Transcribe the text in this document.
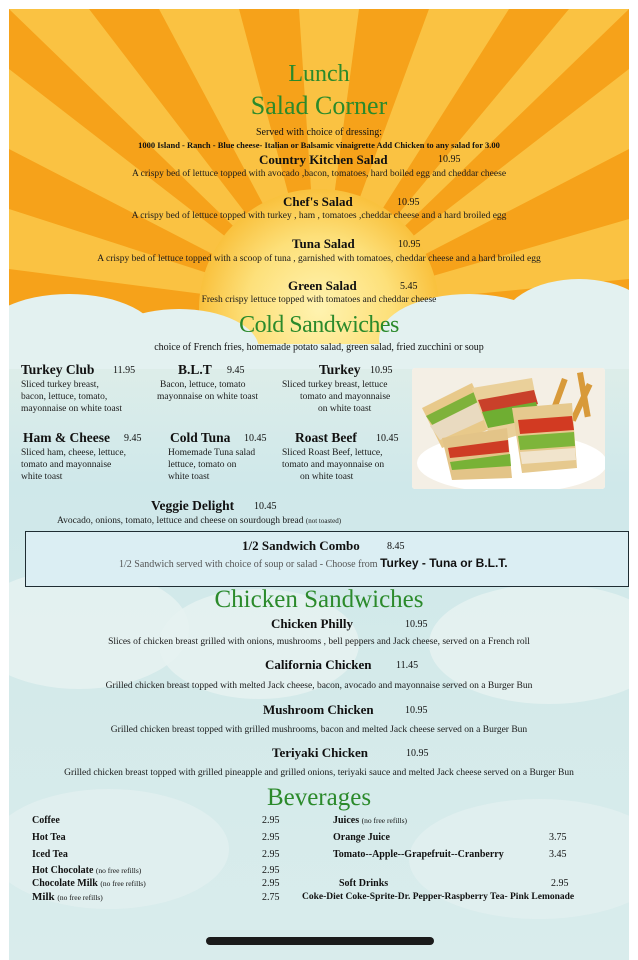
Lunch
Salad Corner
Served with choice of dressing:
1000 Island - Ranch - Blue cheese- Italian or Balsamic vinaigrette Add Chicken to any salad for 3.00
Country Kitchen Salad	10.95
A crispy bed of lettuce topped with avocado ,bacon, tomatoes, hard boiled egg and cheddar cheese
Chef's Salad	10.95
A crispy bed of lettuce topped with turkey , ham , tomatoes ,cheddar cheese and a hard broiled egg
Tuna Salad	10.95
A crispy bed of lettuce topped with a scoop of tuna , garnished with tomatoes, cheddar cheese and a hard broiled egg
Green Salad	5.45
Fresh crispy lettuce topped with tomatoes and cheddar cheese
Cold Sandwiches
choice of French fries, homemade potato salad, green salad, fried zucchini or soup
Turkey Club 11.95
Sliced turkey breast,
bacon, lettuce, tomato,
mayonnaise on white toast
B.L.T 9.45
Bacon, lettuce, tomato
mayonnaise on white toast
Turkey 10.95
Sliced turkey breast, lettuce
tomato and mayonnaise
on white toast
Ham & Cheese 9.45
Sliced ham, cheese, lettuce,
tomato and mayonnaise
white toast
Cold Tuna 10.45
Homemade Tuna salad
lettuce, tomato on
white toast
Roast Beef 10.45
Sliced Roast Beef, lettuce,
tomato and mayonnaise on
on white toast
Veggie Delight 10.45
Avocado, onions, tomato, lettuce and cheese on sourdough bread (not toasted)
1/2 Sandwich Combo	8.45
1/2 Sandwich served with choice of soup or salad - Choose from Turkey - Tuna or B.L.T.
Chicken Sandwiches
Chicken Philly	10.95
Slices of chicken breast grilled with onions, mushrooms , bell peppers and Jack cheese, served on a French roll
California Chicken 11.45
Grilled chicken breast topped with melted Jack cheese, bacon, avocado and mayonnaise served on a Burger Bun
Mushroom Chicken	10.95
Grilled chicken breast topped with grilled mushrooms, bacon and melted Jack cheese served on a Burger Bun
Teriyaki Chicken	10.95
Grilled chicken breast topped with grilled pineapple and grilled onions, teriyaki sauce and melted Jack cheese served on a Burger Bun
Beverages
Coffee	2.95
Hot Tea	2.95
Iced Tea	2.95
Hot Chocolate (no free refills)	2.95
Chocolate Milk (no free refills)	2.95
Milk (no free refills)	2.75
Juices (no free refills)
Orange Juice	3.75
Tomato--Apple--Grapefruit--Cranberry	3.45
Soft Drinks	2.95
Coke-Diet Coke-Sprite-Dr. Pepper-Raspberry Tea- Pink Lemonade
